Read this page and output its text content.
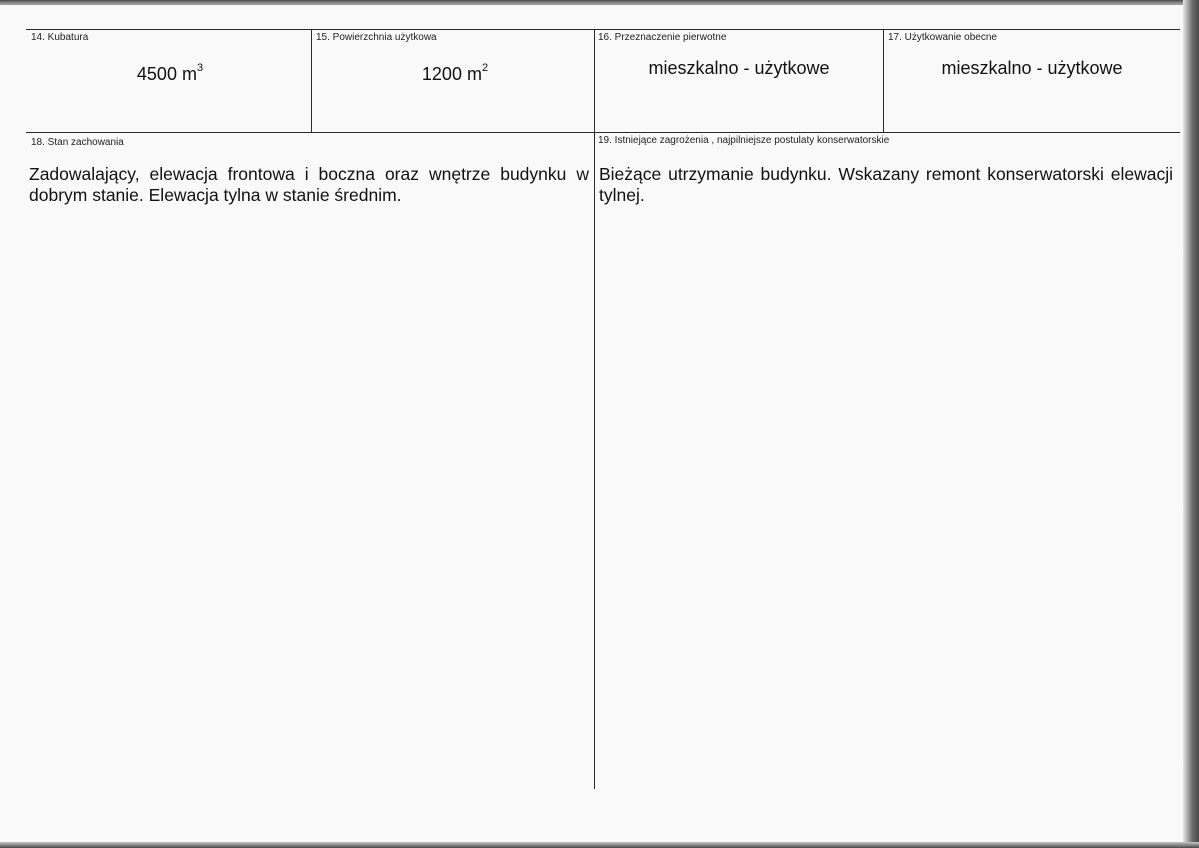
14. Kubatura
4500 $m^3$
15. Powierzchnia użytkowa
1200 $m^2$
16. Przeznaczenie pierwotne
mieszkalno - użytkowe
17. Użytkowanie obecne
mieszkalno - użytkowe
18. Stan zachowania
Zadowalający, elewacja frontowa i boczna oraz wnętrze budynku w dobrym stanie. Elewacja tylna w stanie średnim.
19. Istniejące zagrożenia , najpilniejsze postulaty konserwatorskie
Bieżące utrzymanie budynku. Wskazany remont konserwatorski elewacji tylnej.
